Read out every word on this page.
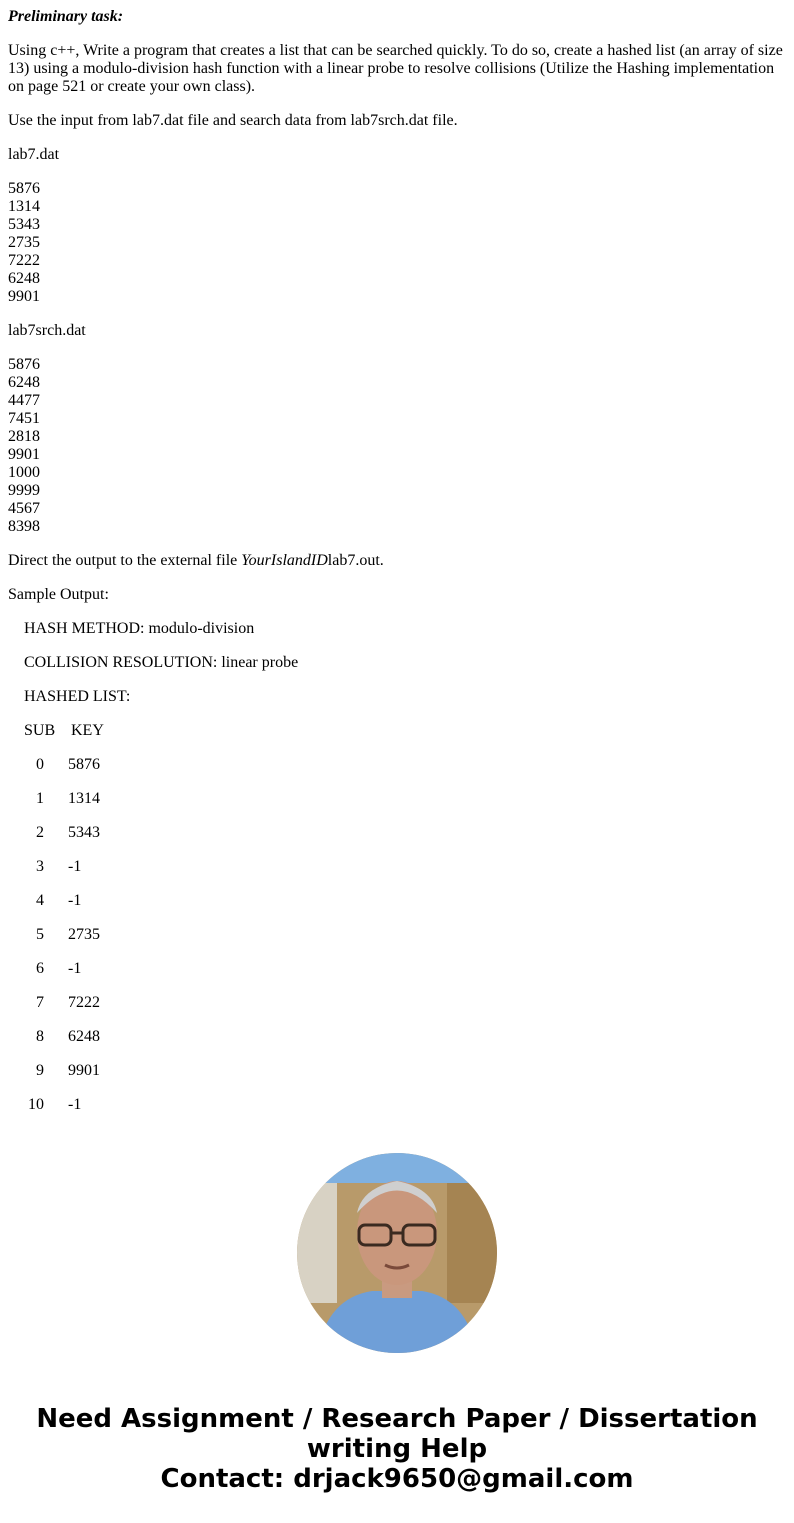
Preliminary task:

Using c++, Write a program that creates a list that can be searched quickly. To do so, create a hashed list (an array of size 13) using a modulo-division hash function with a linear probe to resolve collisions (Utilize the Hashing implementation on page 521 or create your own class).

Use the input from lab7.dat file and search data from lab7srch.dat file.

lab7.dat

5876
1314
5343
2735
7222
6248
9901

lab7srch.dat

5876
6248
4477
7451
2818
9901
1000
9999
4567
8398

Direct the output to the external file YourIslandIDlab7.out.

Sample Output:

HASH METHOD: modulo-division

COLLISION RESOLUTION: linear probe

HASHED LIST:

SUB KEY

0 5876

1 1314

2 5343

3 -1

4 -1

5 2735

6 -1

7 7222

8 6248

9 9901

10 -1

Need Assignment / Research Paper / Dissertation
writing Help
Contact: drjack9650@gmail.com
